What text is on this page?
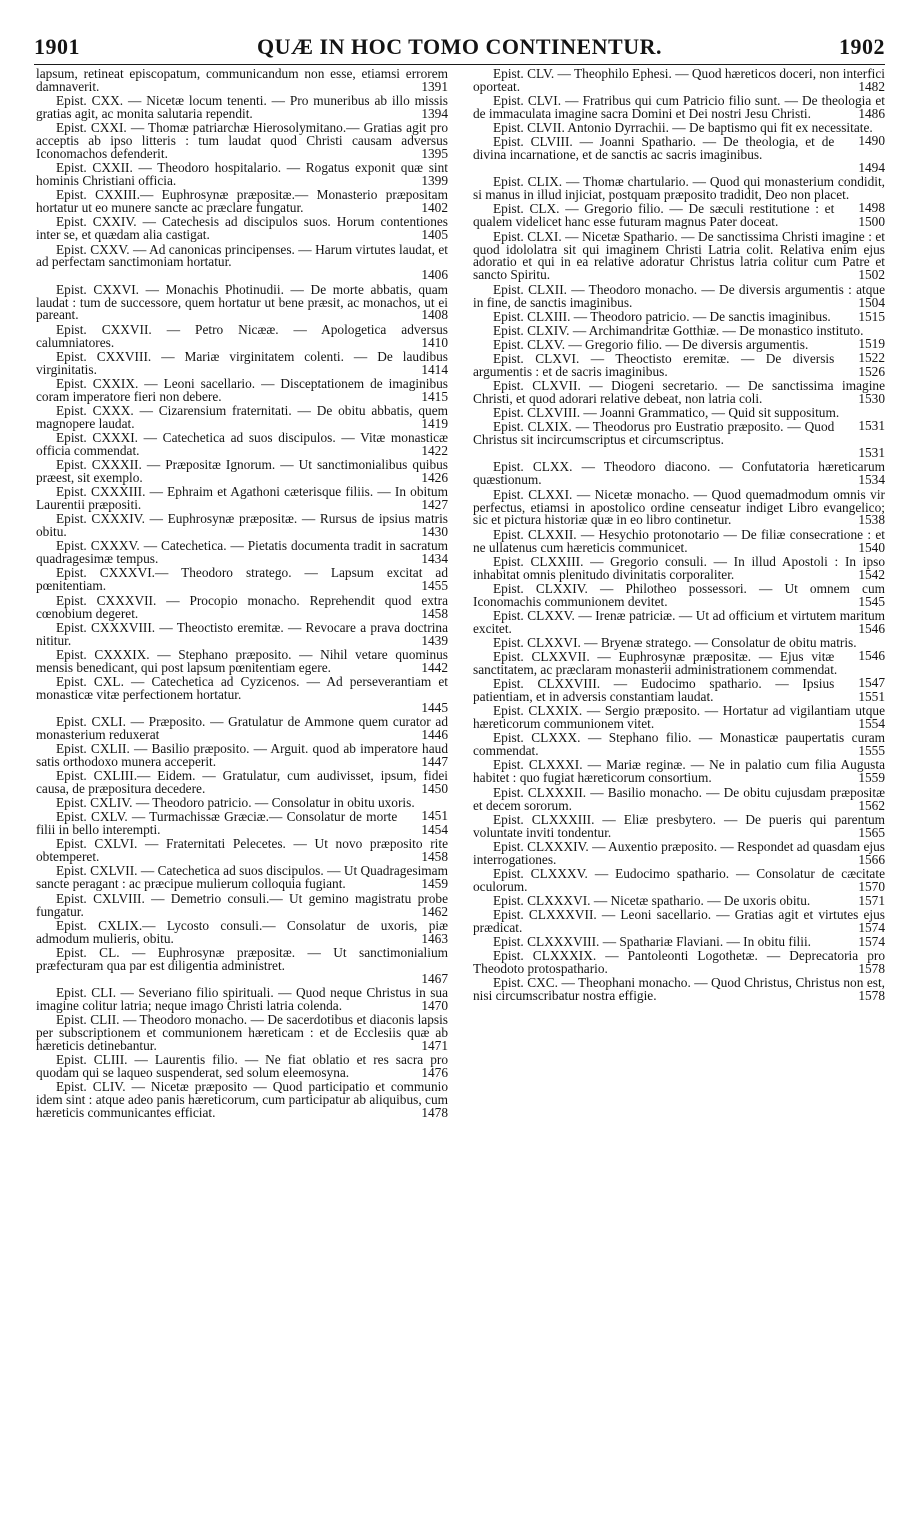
1901	QUÆ IN HOC TOMO CONTINENTUR.	1902

lapsum, retineat episcopatum, communicandum non esse, etiamsi errorem damnaverit.	1391

Epist. CXX. — Nicetæ locum tenenti. — Pro muneribus ab illo missis gratias agit, ac monita salutaria rependit.	1394

Epist. CXXI. — Thomæ patriarchæ Hierosolymitano.— Gratias agit pro acceptis ab ipso litteris : tum laudat quod Christi causam adversus Iconomachos defenderit.	1395

Epist. CXXII. — Theodoro hospitalario. — Rogatus exponit quæ sint hominis Christiani officia.	1399

Epist. CXXIII.— Euphrosynæ præpositæ.— Monasterio præpositam hortatur ut eo munere sancte ac præclare fungatur.	1402

Epist. CXXIV. — Catechesis ad discipulos suos. Horum contentiones inter se, et quædam alia castigat.	1405

Epist. CXXV. — Ad canonicas principenses. — Harum virtutes laudat, et ad perfectam sanctimoniam hortatur.
1406

Epist. CXXVI. — Monachis Photinudii. — De morte abbatis, quam laudat : tum de successore, quem hortatur ut bene præsit, ac monachos, ut ei pareant.	1408

Epist. CXXVII. — Petro Nicææ. — Apologetica adversus calumniatores.	1410

Epist. CXXVIII. — Mariæ virginitatem colenti. — De laudibus virginitatis.	1414

Epist. CXXIX. — Leoni sacellario. — Disceptationem de imaginibus coram imperatore fieri non debere.	1415

Epist. CXXX. — Cizarensium fraternitati. — De obitu abbatis, quem magnopere laudat.	1419

Epist. CXXXI. — Catechetica ad suos discipulos. — Vitæ monasticæ officia commendat.	1422

Epist. CXXXII. — Præpositæ Ignorum. — Ut sanctimonialibus quibus præest, sit exemplo.	1426

Epist. CXXXIII. — Ephraim et Agathoni cæterisque filiis. — In obitum Laurentii præpositi.	1427

Epist. CXXXIV. — Euphrosynæ præpositæ. — Rursus de ipsius matris obitu.	1430

Epist. CXXXV. — Catechetica. — Pietatis documenta tradit in sacratum quadragesimæ tempus.	1434

Epist. CXXXVI.— Theodoro stratego. — Lapsum excitat ad pœnitentiam.	1455

Epist. CXXXVII. — Procopio monacho. Reprehendit quod extra cœnobium degeret.	1458

Epist. CXXXVIII. — Theoctisto eremitæ. — Revocare a prava doctrina nititur.	1439

Epist. CXXXIX. — Stephano præposito. — Nihil vetare quominus mensis benedicant, qui post lapsum pœnitentiam egere.	1442

Epist. CXL. — Catechetica ad Cyzicenos. — Ad perseverantiam et monasticæ vitæ perfectionem hortatur.
1445

Epist. CXLI. — Præposito. — Gratulatur de Ammone quem curator ad monasterium reduxerat	1446

Epist. CXLII. — Basilio præposito. — Arguit. quod ab imperatore haud satis orthodoxo munera acceperit.	1447

Epist. CXLIII.— Eidem. — Gratulatur, cum audivisset, ipsum, fidei causa, de præpositura decedere.	1450

Epist. CXLIV. — Theodoro patricio. — Consolatur in obitu uxoris.
1451

Epist. CXLV. — Turmachissæ Græciæ.— Consolatur de morte filii in bello interempti.	1454

Epist. CXLVI. — Fraternitati Pelecetes. — Ut novo præposito rite obtemperet.	1458

Epist. CXLVII. — Catechetica ad suos discipulos. — Ut Quadragesimam sancte peragant : ac præcipue mulierum colloquia fugiant.	1459

Epist. CXLVIII. — Demetrio consuli.— Ut gemino magistratu probe fungatur.	1462

Epist. CXLIX.— Lycosto consuli.— Consolatur de uxoris, piæ admodum mulieris, obitu.	1463

Epist. CL. — Euphrosynæ præpositæ. — Ut sanctimonialium præfecturam qua par est diligentia administret.
1467

Epist. CLI. — Severiano filio spirituali. — Quod neque Christus in sua imagine colitur latria; neque imago Christi latria colenda.	1470

Epist. CLII. — Theodoro monacho. — De sacerdotibus et diaconis lapsis per subscriptionem et communionem hæreticam : et de Ecclesiis quæ ab hæreticis detinebantur.	1471

Epist. CLIII. — Laurentis filio. — Ne fiat oblatio et res sacra pro quodam qui se laqueo suspenderat, sed solum eleemosyna.	1476

Epist. CLIV. — Nicetæ præposito — Quod participatio et communio idem sint : atque adeo panis hæreticorum, cum participatur ab aliquibus, cum hæreticis communicantes efficiat.	1478

Epist. CLV. — Theophilo Ephesi. — Quod hæreticos doceri, non interfici oporteat.	1482

Epist. CLVI. — Fratribus qui cum Patricio filio sunt. — De theologia et de immaculata imagine sacra Domini et Dei nostri Jesu Christi.	1486

Epist. CLVII. Antonio Dyrrachii. — De baptismo qui fit ex necessitate.
1490

Epist. CLVIII. — Joanni Spathario. — De theologia, et de divina incarnatione, et de sanctis ac sacris imaginibus.
1494

Epist. CLIX. — Thomæ chartulario. — Quod qui monasterium condidit, si manus in illud injiciat, postquam præposito tradidit, Deo non placet.
1498

Epist. CLX. — Gregorio filio. — De sæculi restitutione : et qualem videlicet hanc esse futuram magnus Pater doceat.	1500

Epist. CLXI. — Nicetæ Spathario. — De sanctissima Christi imagine : et quod idololatra sit qui imaginem Christi Latria colit. Relativa enim ejus adoratio et qui in ea relative adoratur Christus latria colitur cum Patre et sancto Spiritu.	1502

Epist. CLXII. — Theodoro monacho. — De diversis argumentis : atque in fine, de sanctis imaginibus.	1504

Epist. CLXIII. — Theodoro patricio. — De sanctis imaginibus.	1515

Epist. CLXIV. — Archimandritæ Gotthiæ. — De monastico instituto.
1519

Epist. CLXV. — Gregorio filio. — De diversis argumentis.
1522

Epist. CLXVI. — Theoctisto eremitæ. — De diversis argumentis : et de sacris imaginibus.	1526

Epist. CLXVII. — Diogeni secretario. — De sanctissima imagine Christi, et quod adorari relative debeat, non latria coli.	1530

Epist. CLXVIII. — Joanni Grammatico, — Quid sit suppositum.
1531

Epist. CLXIX. — Theodorus pro Eustratio præposito. — Quod Christus sit incircumscriptus et circumscriptus.
1531

Epist. CLXX. — Theodoro diacono. — Confutatoria hæreticarum quæstionum.	1534

Epist. CLXXI. — Nicetæ monacho. — Quod quemadmodum omnis vir perfectus, etiamsi in apostolico ordine censeatur indiget Libro evangelico; sic et pictura historiæ quæ in eo libro continetur.	1538

Epist. CLXXII. — Hesychio protonotario — De filiæ consecratione : et ne ullatenus cum hæreticis communicet.	1540

Epist. CLXXIII. — Gregorio consuli. — In illud Apostoli : In ipso inhabitat omnis plenitudo divinitatis corporaliter.	1542

Epist. CLXXIV. — Philotheo possessori. — Ut omnem cum Iconomachis communionem devitet.	1545

Epist. CLXXV. — Irenæ patriciæ. — Ut ad officium et virtutem maritum excitet.	1546

Epist. CLXXVI. — Bryenæ stratego. — Consolatur de obitu matris.
1546

Epist. CLXXVII. — Euphrosynæ præpositæ. — Ejus vitæ sanctitatem, ac præclaram monasterii administrationem commendat.
1547

Epist. CLXXVIII. — Eudocimo spathario. — Ipsius patientiam, et in adversis constantiam laudat.	1551

Epist. CLXXIX. — Sergio præposito. — Hortatur ad vigilantiam utque hæreticorum communionem vitet.	1554

Epist. CLXXX. — Stephano filio. — Monasticæ paupertatis curam commendat.	1555

Epist. CLXXXI. — Mariæ reginæ. — Ne in palatio cum filia Augusta habitet : quo fugiat hæreticorum consortium.	1559

Epist. CLXXXII. — Basilio monacho. — De obitu cujusdam præpositæ et decem sororum.	1562

Epist. CLXXXIII. — Eliæ presbytero. — De pueris qui parentum voluntate inviti tondentur.	1565

Epist. CLXXXIV. — Auxentio præposito. — Respondet ad quasdam ejus interrogationes.	1566

Epist. CLXXXV. — Eudocimo spathario. — Consolatur de cæcitate oculorum.	1570

Epist. CLXXXVI. — Nicetæ spathario. — De uxoris obitu.	1571

Epist. CLXXXVII. — Leoni sacellario. — Gratias agit et virtutes ejus prædicat.	1574

Epist. CLXXXVIII. — Spathariæ Flaviani. — In obitu filii.	1574

Epist. CLXXXIX. — Pantoleonti Logothetæ. — Deprecatoria pro Theodoto protospathario.	1578

Epist. CXC. — Theophani monacho. — Quod Christus, Christus non est, nisi circumscribatur nostra effigie.	1578
